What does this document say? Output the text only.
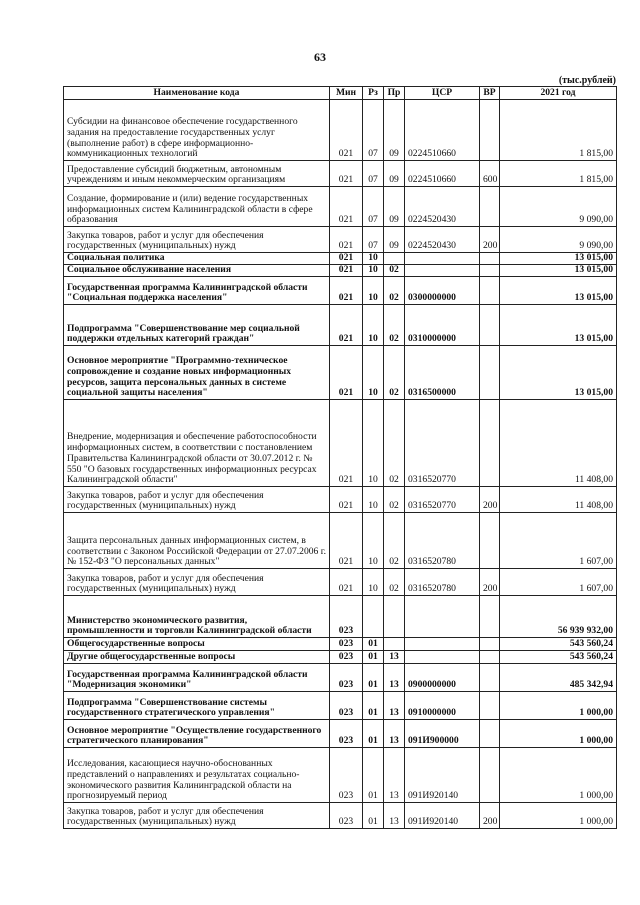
63
(тыс.рублей)
Наименование кода	Мин	Рз	Пр	ЦСР	ВР	2021 год
Субсидии на финансовое обеспечение государственного задания на предоставление государственных услуг (выполнение работ) в сфере информационно-коммуникационных технологий	021	07	09	0224510660		1 815,00
Предоставление субсидий бюджетным, автономным учреждениям и иным некоммерческим организациям	021	07	09	0224510660	600	1 815,00
Создание, формирование и (или) ведение государственных информационных систем Калининградской области в сфере образования	021	07	09	0224520430		9 090,00
Закупка товаров, работ и услуг для обеспечения государственных (муниципальных) нужд	021	07	09	0224520430	200	9 090,00
Социальная политика	021	10				13 015,00
Социальное обслуживание населения	021	10	02			13 015,00
Государственная программа Калининградской области "Социальная поддержка населения"	021	10	02	0300000000		13 015,00
Подпрограмма "Совершенствование мер социальной поддержки отдельных категорий граждан"	021	10	02	0310000000		13 015,00
Основное мероприятие "Программно-техническое сопровождение и создание новых информационных ресурсов, защита персональных данных в системе социальной защиты населения"	021	10	02	0316500000		13 015,00
Внедрение, модернизация и обеспечение работоспособности информационных систем, в соответствии с постановлением Правительства Калининградской области от 30.07.2012 г. № 550 "О базовых государственных информационных ресурсах Калининградской области"	021	10	02	0316520770		11 408,00
Закупка товаров, работ и услуг для обеспечения государственных (муниципальных) нужд	021	10	02	0316520770	200	11 408,00
Защита персональных данных информационных систем, в соответствии с Законом Российской Федерации от 27.07.2006 г. № 152-ФЗ "О персональных данных"	021	10	02	0316520780		1 607,00
Закупка товаров, работ и услуг для обеспечения государственных (муниципальных) нужд	021	10	02	0316520780	200	1 607,00
Министерство экономического развития, промышленности и торговли Калининградской области	023					56 939 932,00
Общегосударственные вопросы	023	01				543 560,24
Другие общегосударственные вопросы	023	01	13			543 560,24
Государственная программа Калининградской области "Модернизация экономики"	023	01	13	0900000000		485 342,94
Подпрограмма "Совершенствование системы государственного стратегического управления"	023	01	13	0910000000		1 000,00
Основное мероприятие "Осуществление государственного стратегического планирования"	023	01	13	091И900000		1 000,00
Исследования, касающиеся научно-обоснованных представлений о направлениях и результатах социально-экономического развития Калининградской области на прогнозируемый период	023	01	13	091И920140		1 000,00
Закупка товаров, работ и услуг для обеспечения государственных (муниципальных) нужд	023	01	13	091И920140	200	1 000,00
